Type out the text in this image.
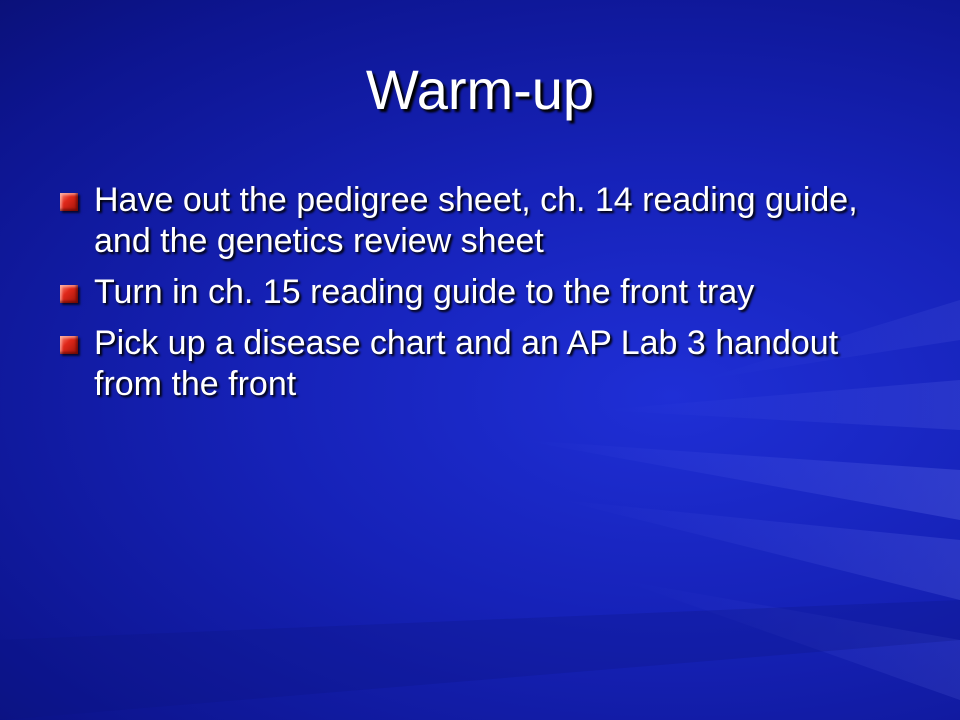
Warm-up
Have out the pedigree sheet, ch. 14 reading guide, and the genetics review sheet
Turn in ch. 15 reading guide to the front tray
Pick up a disease chart and an AP Lab 3 handout from the front
